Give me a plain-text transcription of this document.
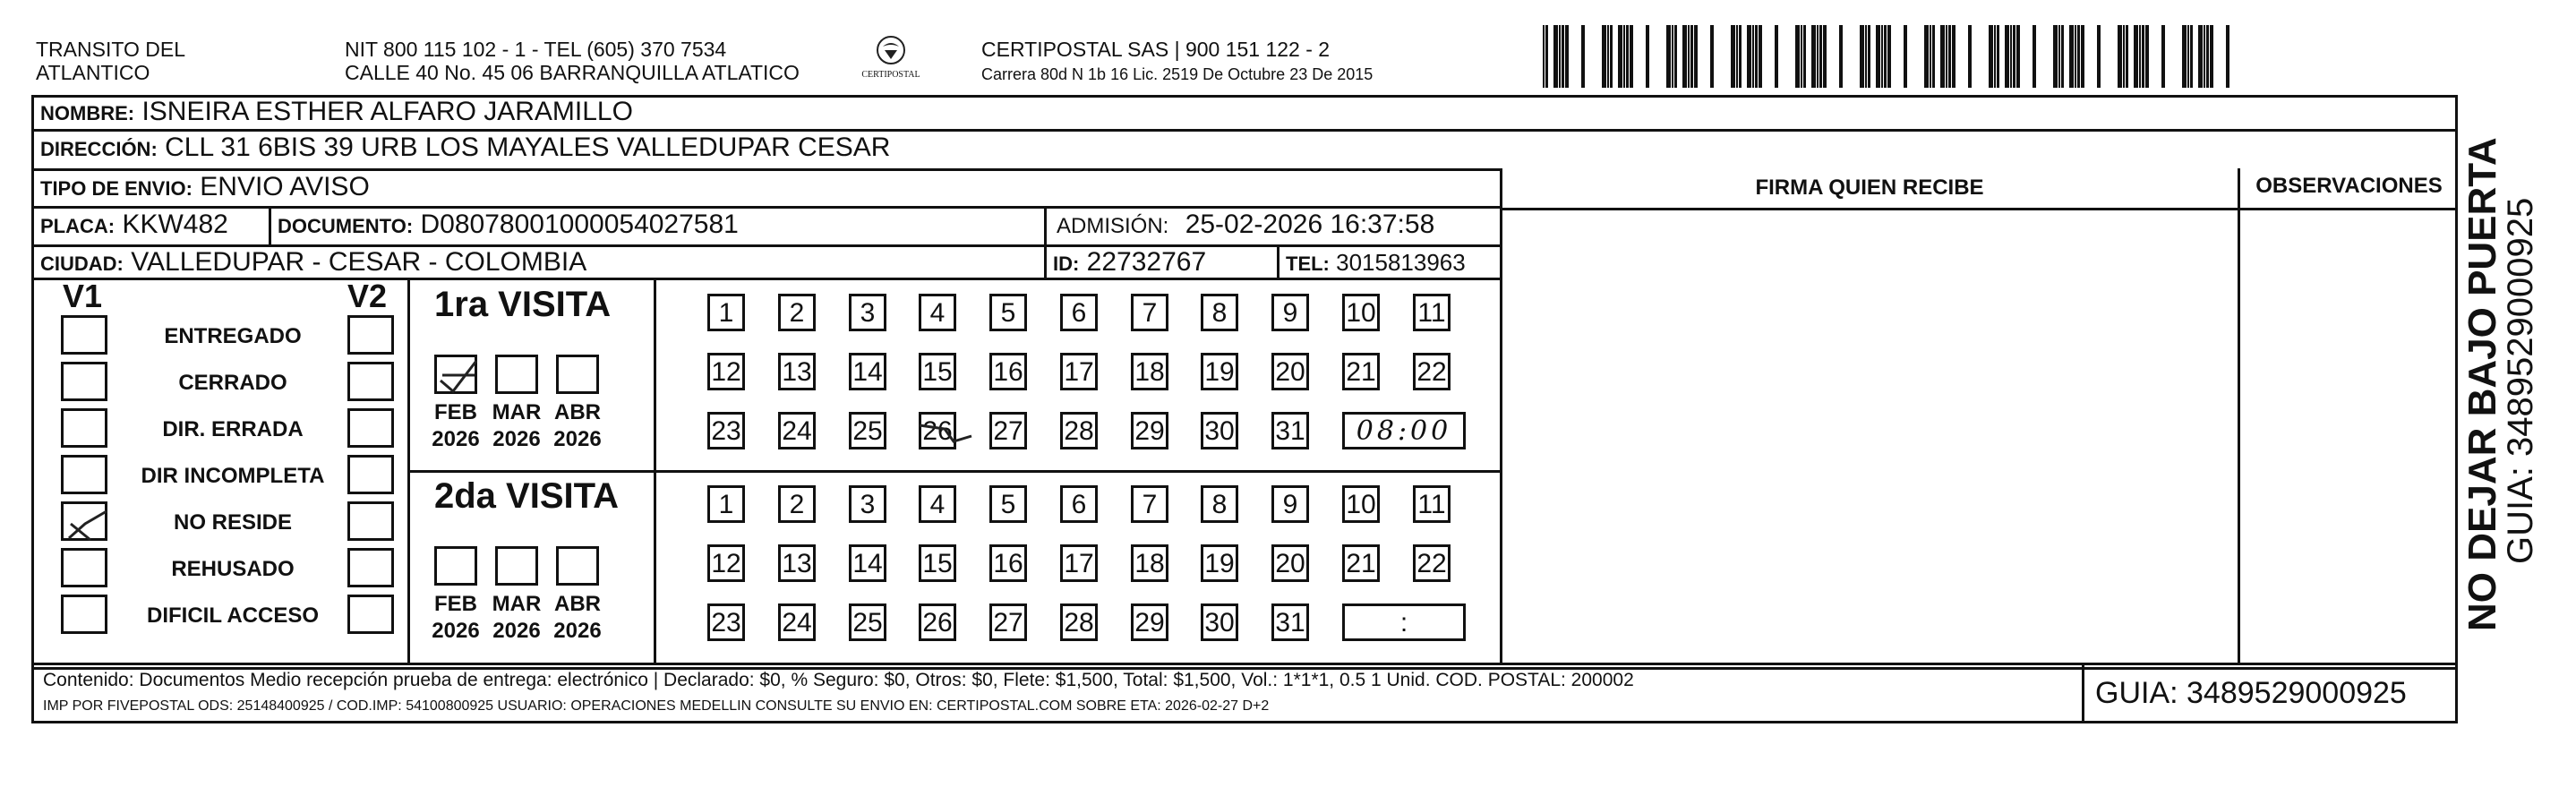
TRANSITO DEL
ATLANTICO
NIT 800 115 102 - 1 - TEL (605) 370 7534
CALLE 40 No. 45 06 BARRANQUILLA ATLATICO	CERTIPOSTAL
CERTIPOSTAL SAS | 900 151 122 - 2
Carrera 80d N 1b 16 Lic. 2519 De Octubre 23 De 2015
NOMBRE: ISNEIRA ESTHER ALFARO JARAMILLO
DIRECCIÓN: CLL 31 6BIS 39 URB LOS MAYALES VALLEDUPAR CESAR
TIPO DE ENVIO: ENVIO AVISO
PLACA: KKW482	DOCUMENTO: D080780010000540275​81	ADMISIÓN: 25-02-2026 16:37:58
CIUDAD: VALLEDUPAR - CESAR - COLOMBIA	ID: 22732767	TEL: 3015813963
FIRMA QUIEN RECIBE	OBSERVACIONES
V1	V2
ENTREGADO
CERRADO
DIR. ERRADA
DIR INCOMPLETA
NO RESIDE
REHUSADO
DIFICIL ACCESO
1ra VISITA
FEB
2026
MAR
2026
ABR
2026
1	2	3	4	5	6	7	8	9	10 11
12 13 14 15 16 17 18 19 20 21 22
23 24 25 26 27 28 29 30 31	08:00
2da VISITA
FEB
2026
MAR
2026
ABR
2026
1	2	3	4	5	6	7	8	9	10 11
12 13 14 15 16 17 18 19 20 21 22
23 24 25 26 27 28 29 30 31	:
Contenido: Documentos Medio recepción prueba de entrega: electrónico | Declarado: $0, % Seguro: $0, Otros: $0, Flete: $1,500, Total: $1,500, Vol.: 1*1*1, 0.5 1 Unid. COD. POSTAL: 200002
IMP POR FIVEPOSTAL ODS: 25148400925 / COD.IMP: 54100800925 USUARIO: OPERACIONES MEDELLIN CONSULTE SU ENVIO EN: CERTIPOSTAL.COM SOBRE ETA: 2026-02-27 D+2	GUIA: 3489529000925
NO DEJAR BAJO PUERTA
GUIA: 3489529000925
